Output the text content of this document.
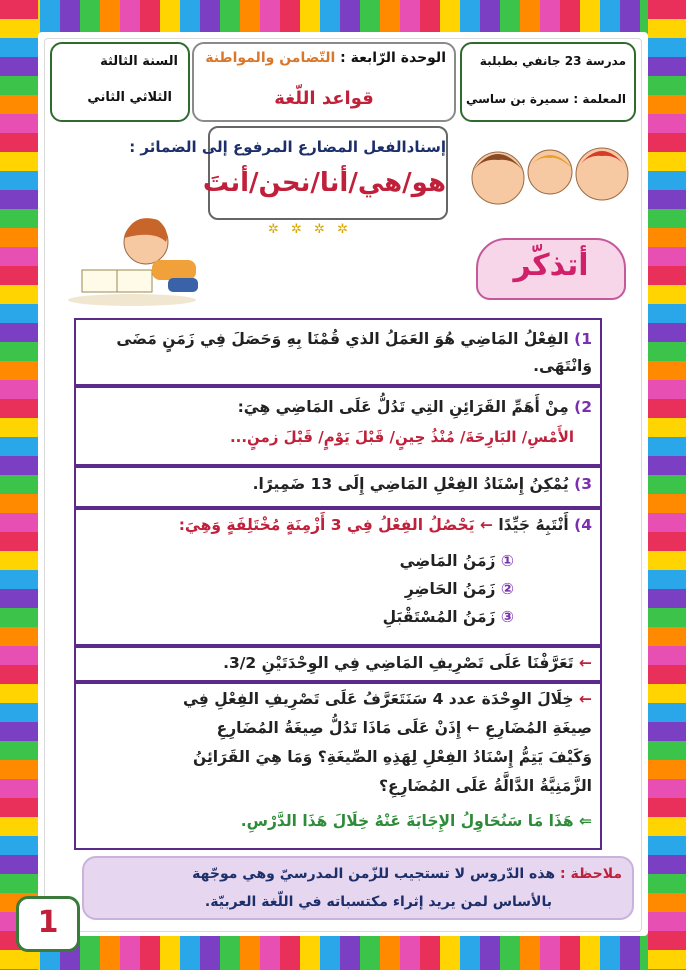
السنة الثالثة
الثلاثي الثاني
الوحدة الرّابعة : التّضامن والمواطنة
قواعد اللّغة
مدرسة 23 جانفي بطبلبة
المعلمة : سميرة بن ساسي
إسنادالفعل المضارع المرفوع إلى الضمائر :
هو/هي/أنا/نحن/أنتَ
✲ ✲ ✲ ✲
أتذكّر
1) الفِعْلُ المَاضِي هُوَ العَمَلُ الذي قُمْنَا بِهِ وَحَصَلَ فِي زَمَنٍ مَضَى وَانْتَهَى.
2) مِنْ أَهَمِّ القَرَائِنِ التِي تَدُلُّ عَلَى المَاضِي هِيَ:
الأَمْسِ/ البَارِحَةَ/ مُنْذُ حِينٍ/ قَبْلَ يَوْمٍ/ قَبْلَ زمنٍ...
3) يُمْكِنُ إِسْنَادُ الفِعْلِ المَاضِي إِلَى 13 ضَمِيرًا.
4) أَنْتَبِهُ جَيِّدًا ← يَحْصُلُ الفِعْلُ فِي 3 أَزْمِنَةٍ مُخْتَلِفَةٍ وَهِيَ:
① زَمَنُ المَاضِي
② زَمَنُ الحَاضِرِ
③ زَمَنُ المُسْتَقْبَلِ
← تَعَرَّفْنَا عَلَى تَصْرِيفِ المَاضِي فِي الوِحْدَتَيْنِ 3/2.
← خِلَالَ الوِحْدَة عدد 4 سَنَتَعَرَّفُ عَلَى تَصْرِيفِ الفِعْلِ فِي
صِيغَةِ المُضَارِعِ ← إِذَنْ عَلَى مَاذَا تَدُلُّ صِيغَةُ المُضَارِعِ
وَكَيْفَ يَتِمُّ إِسْنَادُ الفِعْلِ لِهَذِهِ الصِّيغَةِ؟ وَمَا هِيَ القَرَائِنُ
الزَّمَنِيَّةُ الدَّالَّةُ عَلَى المُضَارِعِ؟
⇐ هَذَا مَا سَنُحَاوِلُ الإِجَابَةَ عَنْهُ خِلَالَ هَذَا الدَّرْسِ.
ملاحظة : هذه الدّروس لا تستجيب للزّمن المدرسيّ وهي موجّهة
بالأساس لمن يريد إثراء مكتسباته في اللّغة العربيّة.
1
